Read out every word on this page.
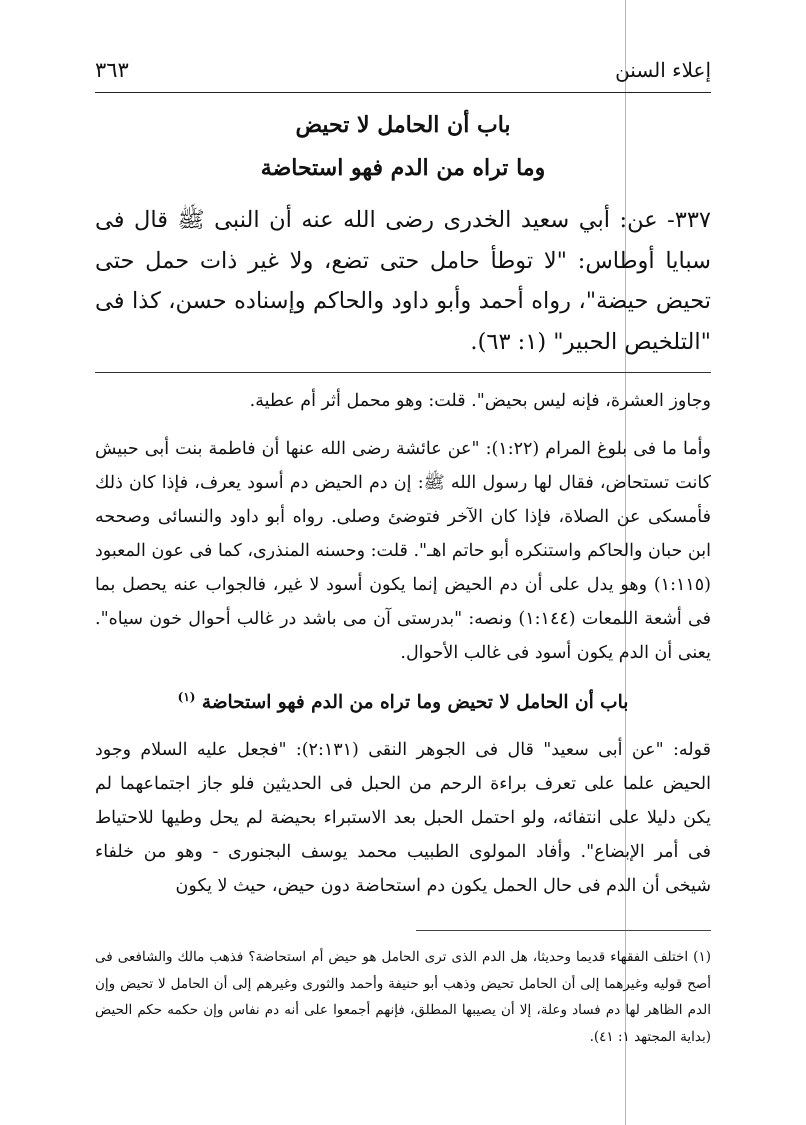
إعلاء السنن
٣٦٣
باب أن الحامل لا تحيض
وما تراه من الدم فهو استحاضة

٣٣٧- عن: أبي سعيد الخدرى رضى الله عنه أن النبى ﷺ قال فى سبايا أوطاس: "لا توطأ حامل حتى تضع، ولا غير ذات حمل حتى تحيض حيضة"، رواه أحمد وأبو داود والحاكم وإسناده حسن، كذا فى "التلخيص الحبير" (١: ٦٣).

وجاوز العشرة، فإنه ليس بحيض". قلت: وهو محمل أثر أم عطية.

وأما ما فى بلوغ المرام (١:٢٢): "عن عائشة رضى الله عنها أن فاطمة بنت أبى حبيش كانت تستحاض، فقال لها رسول الله ﷺ: إن دم الحيض دم أسود يعرف، فإذا كان ذلك فأمسكى عن الصلاة، فإذا كان الآخر فتوضئ وصلى. رواه أبو داود والنسائى وصححه ابن حبان والحاكم واستنكره أبو حاتم اهـ". قلت: وحسنه المنذرى، كما فى عون المعبود (١:١١٥) وهو يدل على أن دم الحيض إنما يكون أسود لا غير، فالجواب عنه يحصل بما فى أشعة اللمعات (١:١٤٤) ونصه: "بدرستى آن مى باشد در غالب أحوال خون سياه". يعنى أن الدم يكون أسود فى غالب الأحوال.

باب أن الحامل لا تحيض وما تراه من الدم فهو استحاضة $^{(١)}$

قوله: "عن أبى سعيد" قال فى الجوهر النقى (٢:١٣١): "فجعل عليه السلام وجود الحيض علما على تعرف براءة الرحم من الحبل فى الحديثين فلو جاز اجتماعهما لم يكن دليلا على انتفائه، ولو احتمل الحبل بعد الاستبراء بحيضة لم يحل وطيها للاحتياط فى أمر الإبضاع". وأفاد المولوى الطبيب محمد يوسف البجنورى - وهو من خلفاء شيخى أن الدم فى حال الحمل يكون دم استحاضة دون حيض، حيث لا يكون

(١) اختلف الفقهاء قديما وحديثا، هل الدم الذى ترى الحامل هو حيض أم استحاضة؟ فذهب مالك والشافعى فى أصح قوليه وغيرهما إلى أن الحامل تحيض وذهب أبو حنيفة وأحمد والثورى وغيرهم إلى أن الحامل لا تحيض وإن الدم الظاهر لها دم فساد وعلة، إلا أن يصيبها المطلق، فإنهم أجمعوا على أنه دم نفاس وإن حكمه حكم الحيض (بداية المجتهد ١: ٤١).
